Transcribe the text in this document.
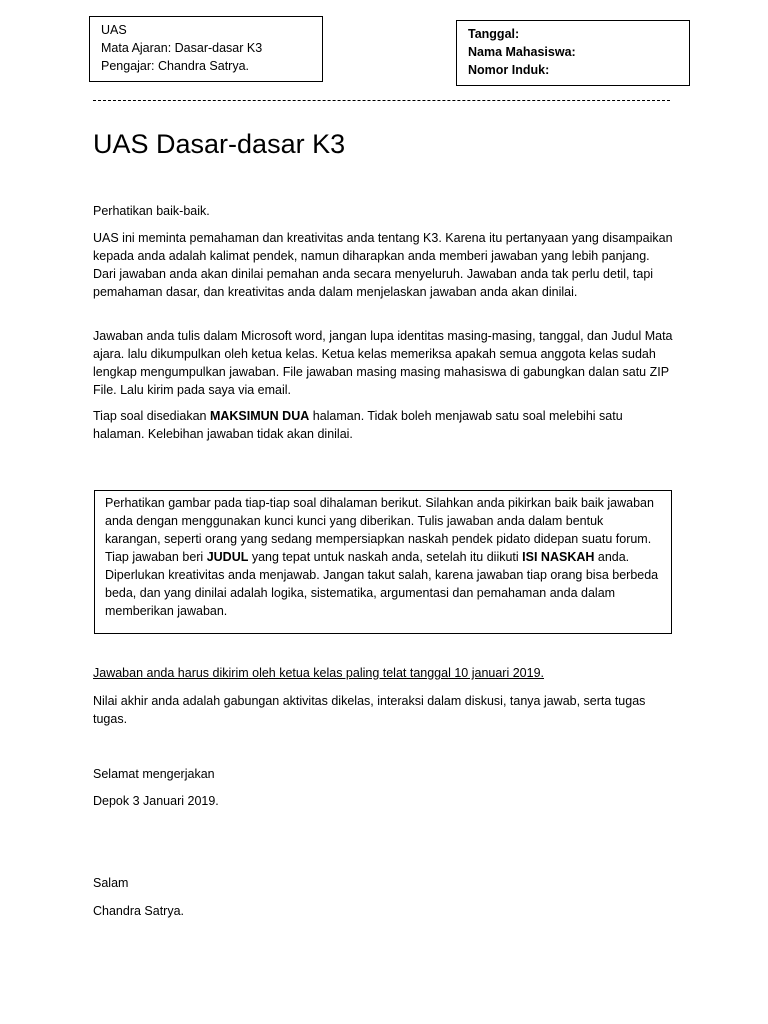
UAS
Mata Ajaran: Dasar-dasar K3
Pengajar: Chandra Satrya.
Tanggal:
Nama Mahasiswa:
Nomor Induk:
UAS Dasar-dasar K3

Perhatikan baik-baik.

UAS ini meminta pemahaman dan kreativitas anda tentang K3. Karena itu pertanyaan yang disampaikan kepada anda adalah kalimat pendek, namun diharapkan anda memberi jawaban yang lebih panjang. Dari jawaban anda akan dinilai pemahan anda secara menyeluruh. Jawaban anda tak perlu detil, tapi pemahaman dasar, dan kreativitas anda dalam menjelaskan jawaban anda akan dinilai.

Jawaban anda tulis dalam Microsoft word, jangan lupa identitas masing-masing, tanggal, dan Judul Mata ajara. lalu dikumpulkan oleh ketua kelas. Ketua kelas memeriksa apakah semua anggota kelas sudah lengkap mengumpulkan jawaban. File jawaban masing masing mahasiswa di gabungkan dalan satu ZIP File. Lalu kirim pada saya via email.

Tiap soal disediakan MAKSIMUN DUA halaman. Tidak boleh menjawab satu soal melebihi satu halaman. Kelebihan jawaban tidak akan dinilai.

Perhatikan gambar pada tiap-tiap soal dihalaman berikut. Silahkan anda pikirkan baik baik jawaban anda dengan menggunakan kunci kunci yang diberikan. Tulis jawaban anda dalam bentuk karangan, seperti orang yang sedang mempersiapkan naskah pendek pidato didepan suatu forum. Tiap jawaban beri JUDUL yang tepat untuk naskah anda, setelah itu diikuti ISI NASKAH anda. Diperlukan kreativitas anda menjawab. Jangan takut salah, karena jawaban tiap orang bisa berbeda beda, dan yang dinilai adalah logika, sistematika, argumentasi dan pemahaman anda dalam memberikan jawaban.

Jawaban anda harus dikirim oleh ketua kelas paling telat tanggal 10 januari 2019.

Nilai akhir anda adalah gabungan aktivitas dikelas, interaksi dalam diskusi, tanya jawab, serta tugas tugas.

Selamat mengerjakan

Depok 3 Januari 2019.

Salam

Chandra Satrya.
